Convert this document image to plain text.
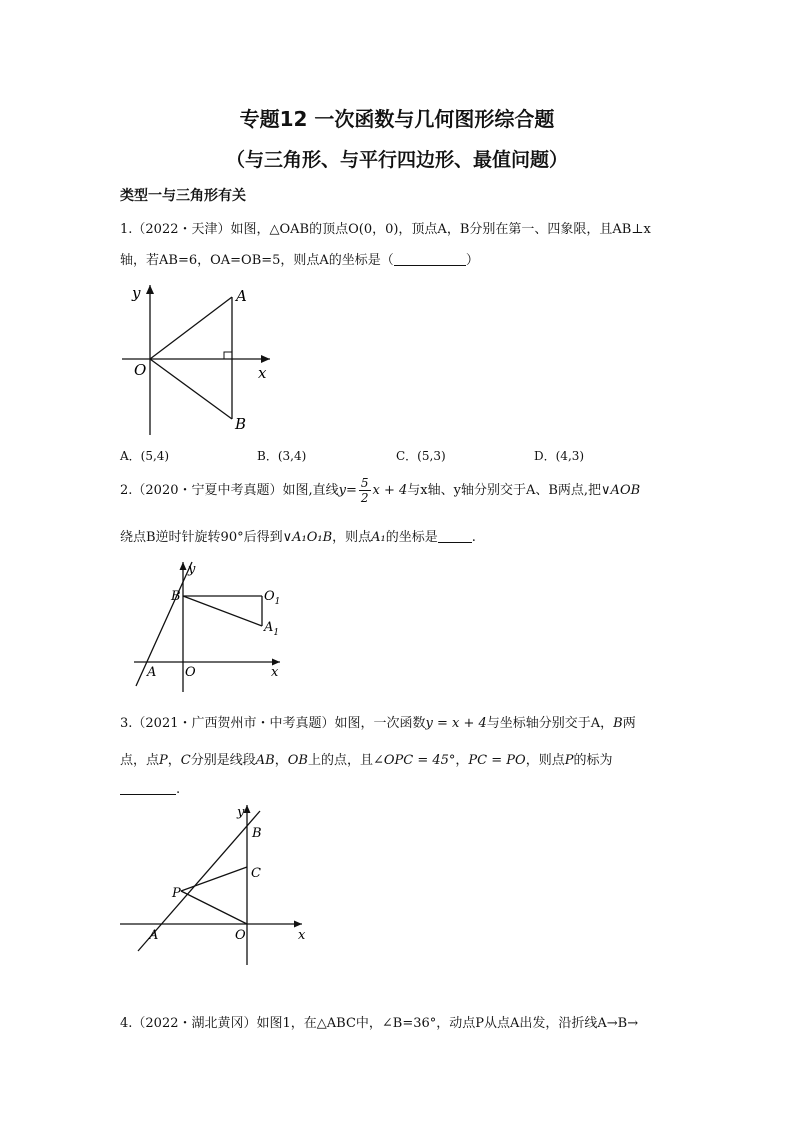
专题12 一次函数与几何图形综合题
（与三角形、与平行四边形、最值问题）
类型一与三角形有关
1.（2022・天津）如图，△OAB的顶点O(0，0)，顶点A，B分别在第一、四象限，且AB⊥x
轴，若AB=6，OA=OB=5，则点A的坐标是（	）
y
x
O
A
B
A．(5,4)	B．(3,4)	C．(5,3)	D．(4,3)
2.（2020・宁夏中考真题）如图,直线$y= \frac{5}{2}$ x + 4与x轴、y轴分别交于A、B两点,把∨AOB
绕点B逆时针旋转90°后得到∨A₁O₁B，则点A₁的坐标是	.
y
B	$O_1$
$A_1$
O
A	x
3.（2021・广西贺州市・中考真题）如图，一次函数y = x + 4与坐标轴分别交于A，B两
点，点P，C分别是线段AB，OB上的点，且∠OPC = 45°，PC = PO，则点P的标为
.
y
B
C
P
A	O	x
4.（2022・湖北黄冈）如图1，在△ABC中，∠B=36°，动点P从点A出发，沿折线A→B→
